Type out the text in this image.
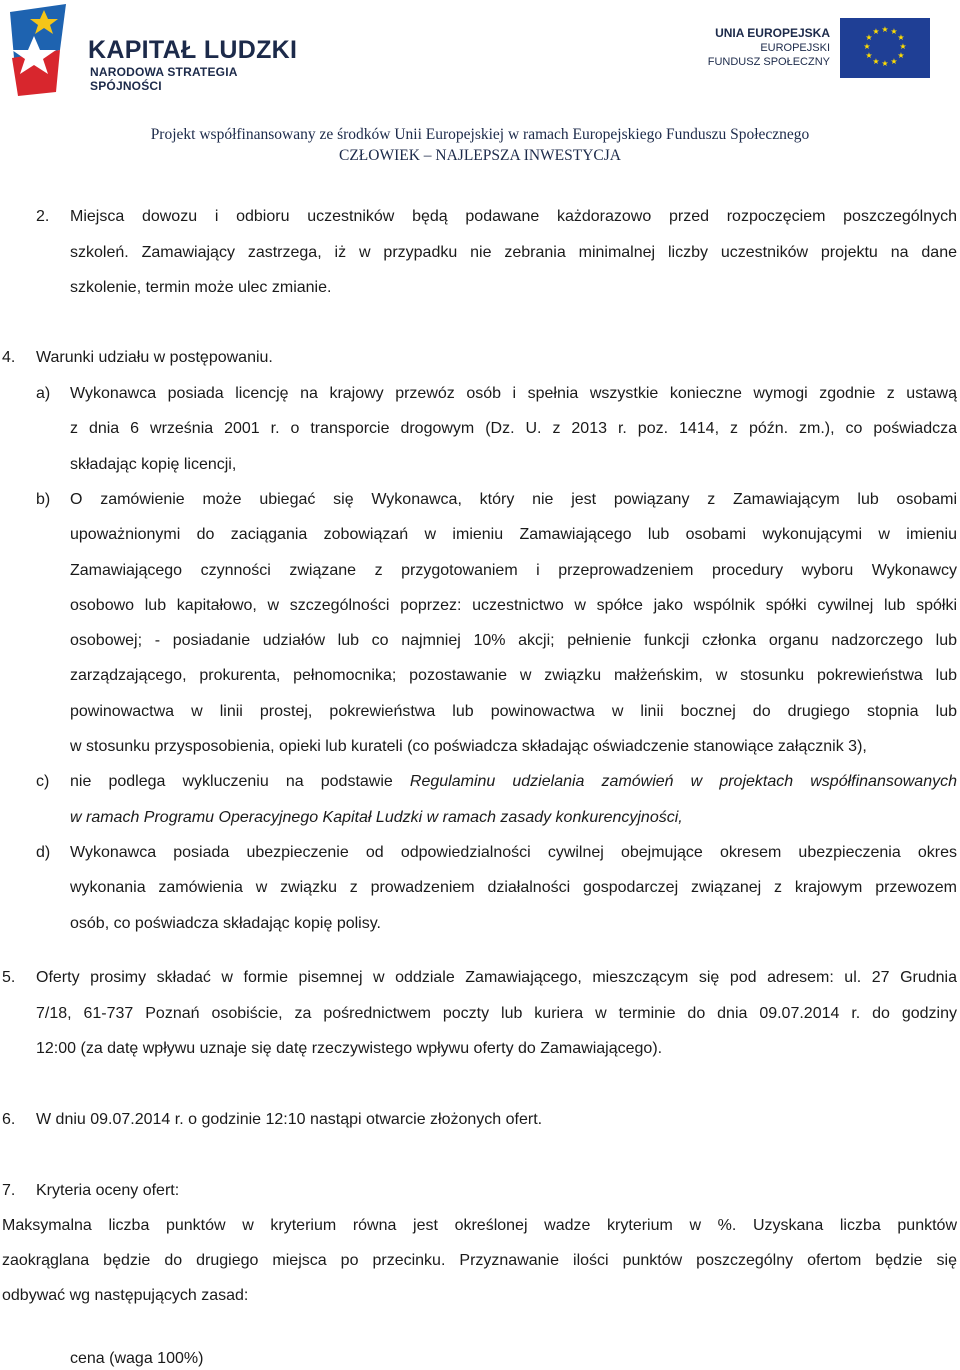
KAPITAŁ LUDZKI
NARODOWA STRATEGIA SPÓJNOŚCI
UNIA EUROPEJSKA
EUROPEJSKI
FUNDUSZ SPOŁECZNY
★ ★
★
★
★
★
★
★
★
★
★
★
Projekt współfinansowany ze środków Unii Europejskiej w ramach Europejskiego Funduszu Społecznego
CZŁOWIEK – NAJLEPSZA INWESTYCJA
2. Miejsca dowozu i odbioru uczestników będą podawane każdorazowo przed rozpoczęciem poszczególnych
szkoleń. Zamawiający zastrzega, iż w przypadku nie zebrania minimalnej liczby uczestników projektu na dane
szkolenie, termin może ulec zmianie.
4. Warunki udziału w postępowaniu.
a) Wykonawca posiada licencję na krajowy przewóz osób i spełnia wszystkie konieczne wymogi zgodnie z ustawą
z dnia 6 września 2001 r. o transporcie drogowym (Dz. U. z 2013 r. poz. 1414, z późn. zm.), co poświadcza
składając kopię licencji,
b) O zamówienie może ubiegać się Wykonawca, który nie jest powiązany z Zamawiającym lub osobami
upoważnionymi do zaciągania zobowiązań w imieniu Zamawiającego lub osobami wykonującymi w imieniu
Zamawiającego czynności związane z przygotowaniem i przeprowadzeniem procedury wyboru Wykonawcy
osobowo lub kapitałowo, w szczególności poprzez: uczestnictwo w spółce jako wspólnik spółki cywilnej lub spółki
osobowej; - posiadanie udziałów lub co najmniej 10% akcji; pełnienie funkcji członka organu nadzorczego lub
zarządzającego, prokurenta, pełnomocnika; pozostawanie w związku małżeńskim, w stosunku pokrewieństwa lub
powinowactwa w linii prostej, pokrewieństwa lub powinowactwa w linii bocznej do drugiego stopnia lub
w stosunku przysposobienia, opieki lub kurateli (co poświadcza składając oświadczenie stanowiące załącznik 3),
c) nie podlega wykluczeniu na podstawie Regulaminu udzielania zamówień w projektach współfinansowanych
w ramach Programu Operacyjnego Kapitał Ludzki w ramach zasady konkurencyjności,
d) Wykonawca posiada ubezpieczenie od odpowiedzialności cywilnej obejmujące okresem ubezpieczenia okres
wykonania zamówienia w związku z prowadzeniem działalności gospodarczej związanej z krajowym przewozem
osób, co poświadcza składając kopię polisy.
5. Oferty prosimy składać w formie pisemnej w oddziale Zamawiającego, mieszczącym się pod adresem: ul. 27 Grudnia
7/18, 61-737 Poznań osobiście, za pośrednictwem poczty lub kuriera w terminie do dnia 09.07.2014 r. do godziny
12:00 (za datę wpływu uznaje się datę rzeczywistego wpływu oferty do Zamawiającego).
6. W dniu 09.07.2014 r. o godzinie 12:10 nastąpi otwarcie złożonych ofert.
7. Kryteria oceny ofert:
Maksymalna liczba punktów w kryterium równa jest określonej wadze kryterium w %. Uzyskana liczba punktów
zaokrąglana będzie do drugiego miejsca po przecinku. Przyznawanie ilości punktów poszczególny ofertom będzie się
odbywać wg następujących zasad:
cena (waga 100%)
